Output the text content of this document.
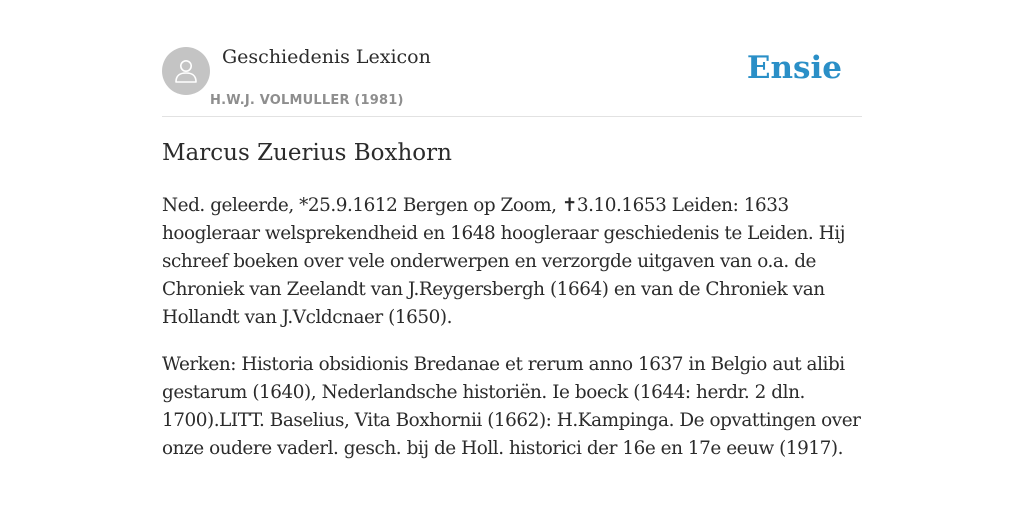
Geschiedenis Lexicon
H.W.J. VOLMULLER (1981)
Ensie
Marcus Zuerius Boxhorn

Ned. geleerde, *25.9.1612 Bergen op Zoom, ✝3.10.1653 Leiden: 1633 hoogleraar welsprekendheid en 1648 hoogleraar geschiedenis te Leiden. Hij schreef boeken over vele onderwerpen en verzorgde uitgaven van o.a. de Chroniek van Zeelandt van J.Reygersbergh (1664) en van de Chroniek van Hollandt van J.Vcldcnaer (1650).

Werken: Historia obsidionis Bredanae et rerum anno 1637 in Belgio aut alibi gestarum (1640), Nederlandsche historiën. Ie boeck (1644: herdr. 2 dln. 1700).LITT. Baselius, Vita Boxhornii (1662): H.Kampinga. De opvattingen over onze oudere vaderl. gesch. bij de Holl. historici der 16e en 17e eeuw (1917).
